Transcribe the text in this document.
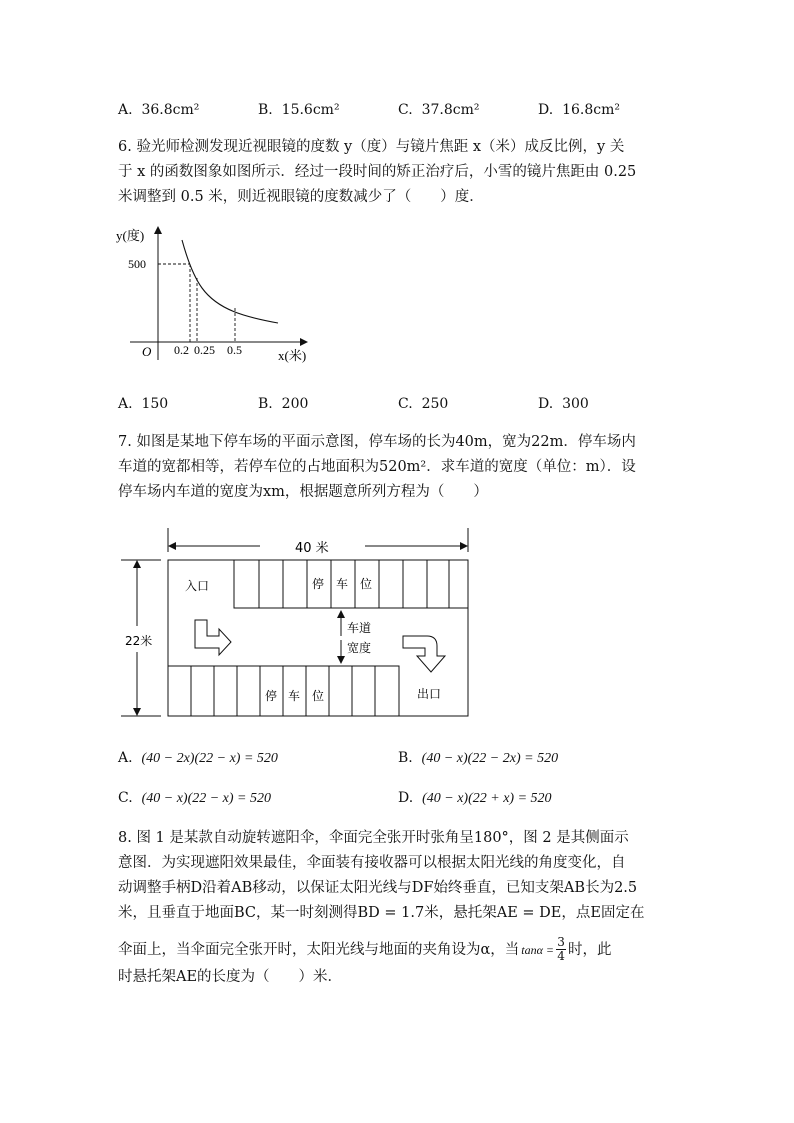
A. 36.8cm²	B. 15.6cm²	C. 37.8cm²	D. 16.8cm²
6. 验光师检测发现近视眼镜的度数 y（度）与镜片焦距 x（米）成反比例，y 关
于 x 的函数图象如图所示．经过一段时间的矫正治疗后，小雪的镜片焦距由 0.25
米调整到 0.5 米，则近视眼镜的度数减少了（　　）度．
y(度)
500
O 0.2 0.25 0.5	x(米)
A. 150	B. 200	C. 250	D. 300
7. 如图是某地下停车场的平面示意图，停车场的长为40m，宽为22m．停车场内
车道的宽都相等，若停车位的占地面积为520m²．求车道的宽度（单位：m）．设
停车场内车道的宽度为xm，根据题意所列方程为（　　）
40 米
22米
停 车 位
入口
停 车 位	出口
车道
宽度
A. (40 − 2x)(22 − x) = 520	B. (40 − x)(22 − 2x) = 520
C. (40 − x)(22 − x) = 520	D. (40 − x)(22 + x) = 520
8. 图 1 是某款自动旋转遮阳伞，伞面完全张开时张角呈180°，图 2 是其侧面示
意图．为实现遮阳效果最佳，伞面装有接收器可以根据太阳光线的角度变化，自
动调整手柄D沿着AB移动，以保证太阳光线与DF始终垂直，已知支架AB长为2.5
米，且垂直于地面BC，某一时刻测得BD = 1.7米，悬托架AE = DE，点E固定在
伞面上，当伞面完全张开时，太阳光线与地面的夹角设为α，当 tanα =
3
4 时，此
时悬托架AE的长度为（　　）米．
